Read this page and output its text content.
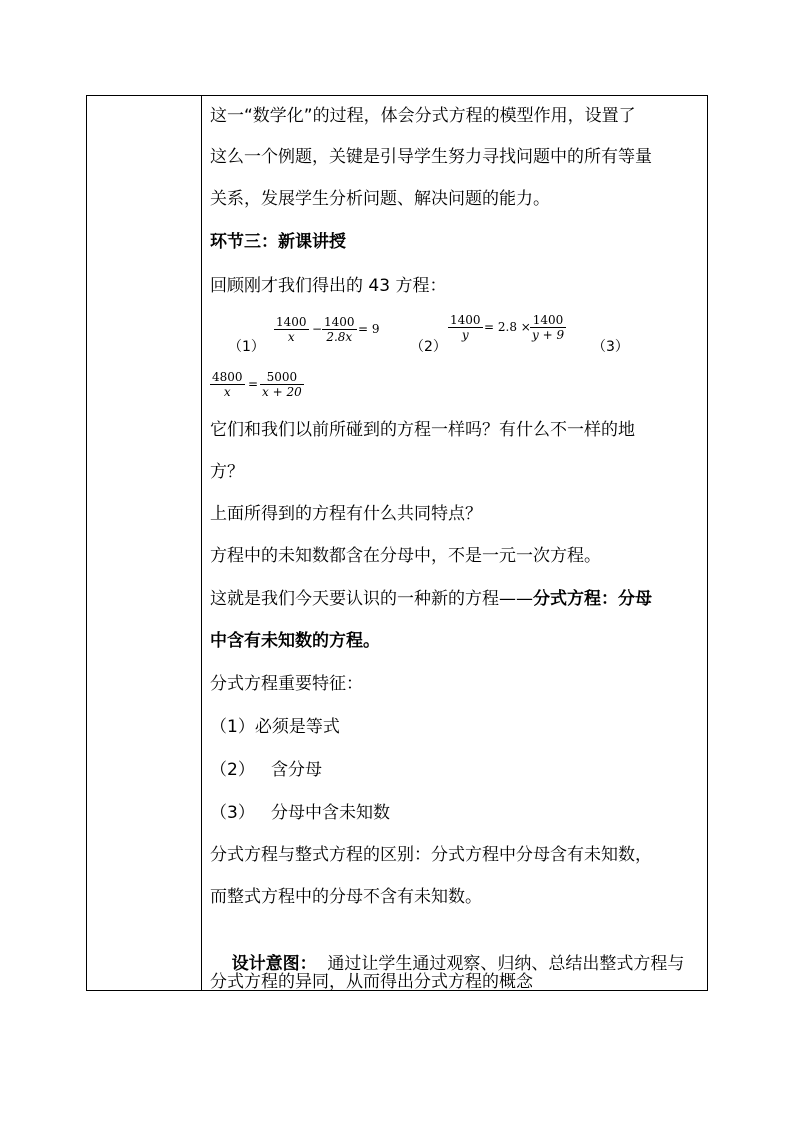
这一“数学化”的过程，体会分式方程的模型作用，设置了
这么一个例题，关键是引导学生努力寻找问题中的所有等量
关系，发展学生分析问题、解决问题的能力。
环节三：新课讲授
回顾刚才我们得出的 43 方程：
（1）
$\frac{1400}{x} - \frac{1400}{2.8x} = 9$
（2）
$\frac{1400}{y} = 2.8 \times \frac{1400}{y + 9}$
（3）
$\frac{4800}{x} = \frac{5000}{x + 20}$
它们和我们以前所碰到的方程一样吗？有什么不一样的地
方？
上面所得到的方程有什么共同特点？
方程中的未知数都含在分母中，不是一元一次方程。
这就是我们今天要认识的一种新的方程——分式方程：分母
中含有未知数的方程。
分式方程重要特征：
（1）必须是等式
（2）   含分母
（3）   分母中含未知数
分式方程与整式方程的区别：分式方程中分母含有未知数，
而整式方程中的分母不含有未知数。

设计意图：  通过让学生通过观察、归纳、总结出整式方程与

分式方程的异同，从而得出分式方程的概念
